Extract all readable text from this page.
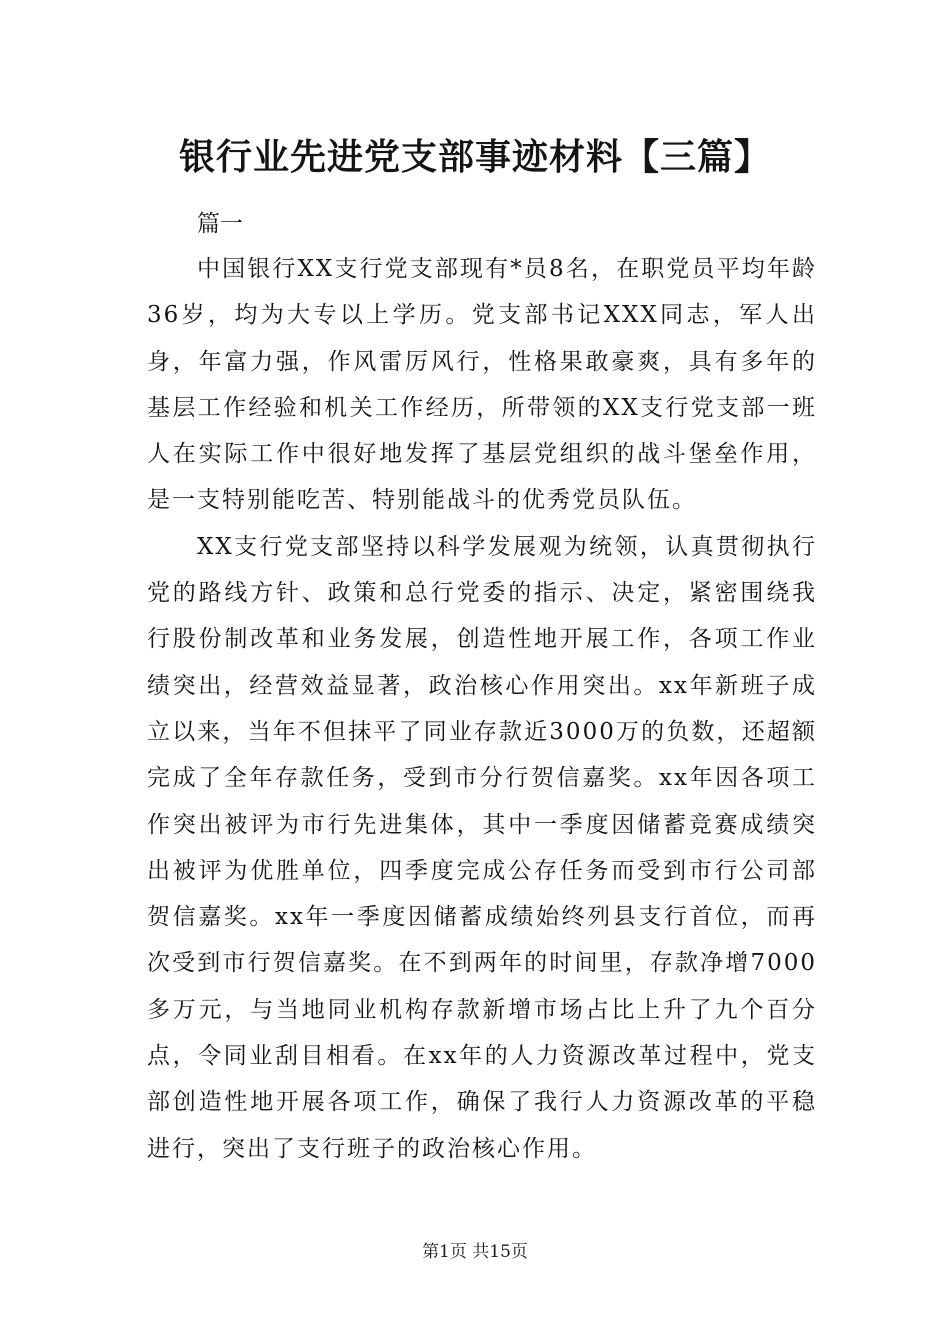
银行业先进党支部事迹材料【三篇】

篇一

中国银行XX支行党支部现有*员8名，在职党员平均年龄36岁，均为大专以上学历。党支部书记XXX同志，军人出身，年富力强，作风雷厉风行，性格果敢豪爽，具有多年的基层工作经验和机关工作经历，所带领的XX支行党支部一班人在实际工作中很好地发挥了基层党组织的战斗堡垒作用，是一支特别能吃苦、特别能战斗的优秀党员队伍。

XX支行党支部坚持以科学发展观为统领，认真贯彻执行党的路线方针、政策和总行党委的指示、决定，紧密围绕我行股份制改革和业务发展，创造性地开展工作，各项工作业绩突出，经营效益显著，政治核心作用突出。xx年新班子成立以来，当年不但抹平了同业存款近3000万的负数，还超额完成了全年存款任务，受到市分行贺信嘉奖。xx年因各项工作突出被评为市行先进集体，其中一季度因储蓄竞赛成绩突出被评为优胜单位，四季度完成公存任务而受到市行公司部贺信嘉奖。xx年一季度因储蓄成绩始终列县支行首位，而再次受到市行贺信嘉奖。在不到两年的时间里，存款净增7000多万元，与当地同业机构存款新增市场占比上升了九个百分点，令同业刮目相看。在xx年的人力资源改革过程中，党支部创造性地开展各项工作，确保了我行人力资源改革的平稳进行，突出了支行班子的政治核心作用。

第1页 共15页
